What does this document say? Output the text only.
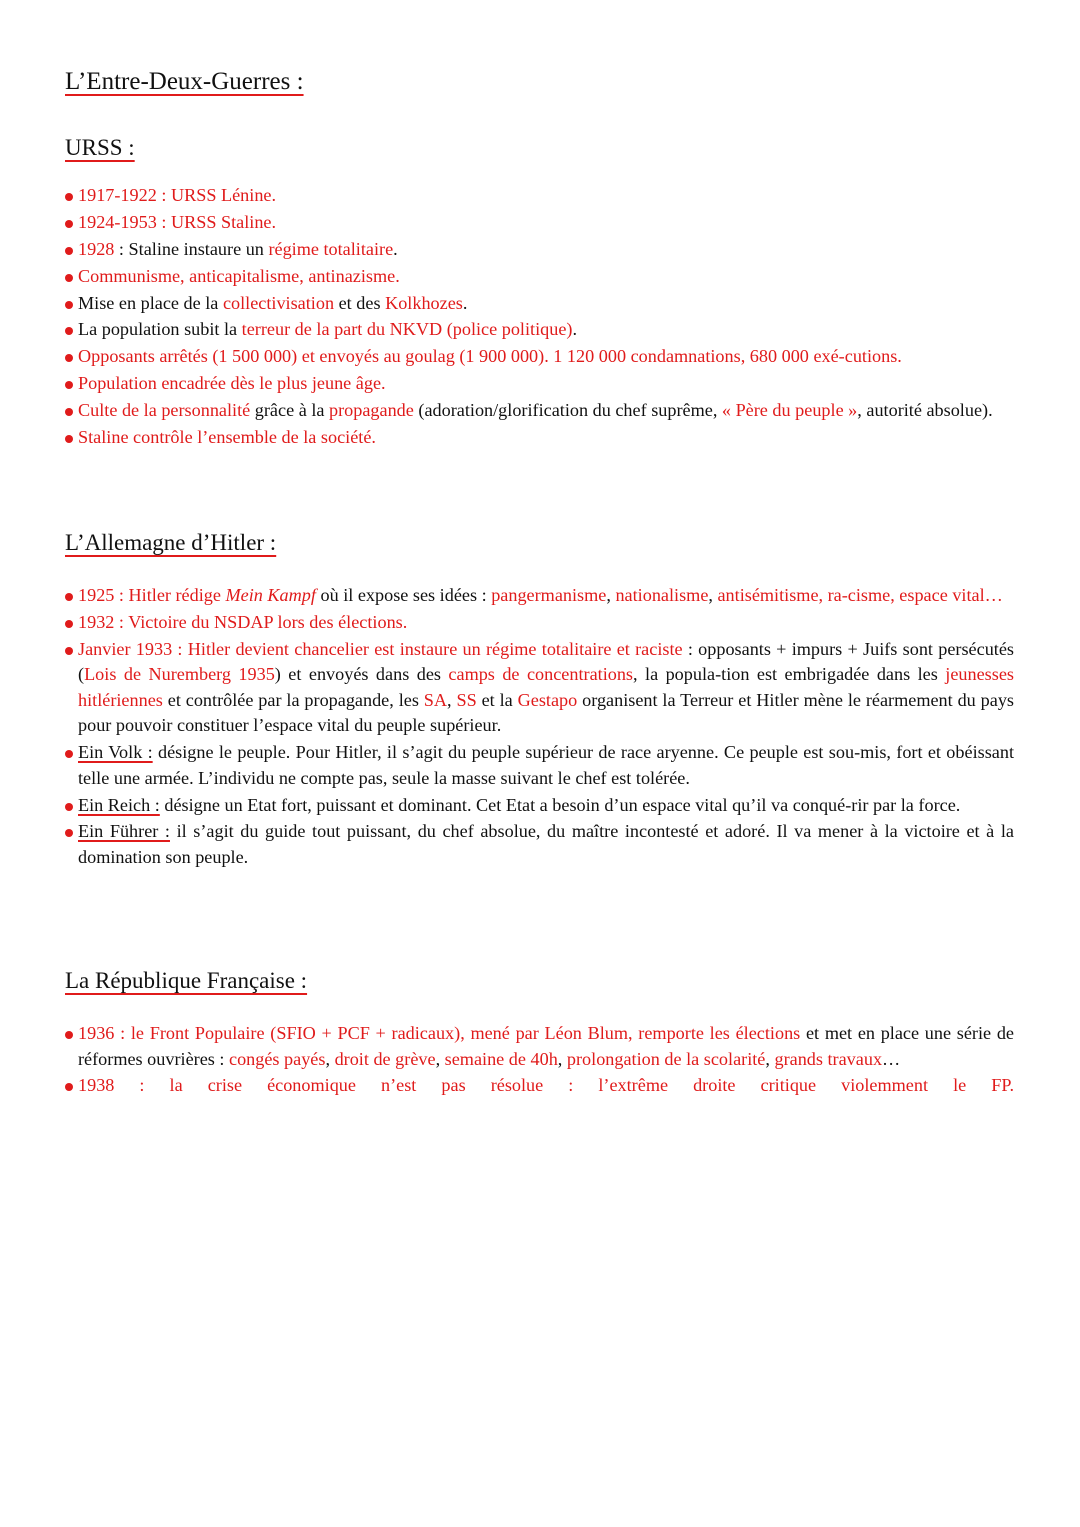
L’Entre-Deux-Guerres :
URSS :
1917-1922 : URSS Lénine.
1924-1953 : URSS Staline.
1928 : Staline instaure un régime totalitaire.
Communisme, anticapitalisme, antinazisme.
Mise en place de la collectivisation et des Kolkhozes.
La population subit la terreur de la part du NKVD (police politique).
Opposants arrêtés (1 500 000) et envoyés au goulag (1 900 000). 1 120 000 condamnations, 680 000 exé-cutions.
Population encadrée dès le plus jeune âge.
Culte de la personnalité grâce à la propagande (adoration/glorification du chef suprême, « Père du peuple », autorité absolue).
Staline contrôle l’ensemble de la société.
L’Allemagne d’Hitler :
1925 : Hitler rédige Mein Kampf où il expose ses idées : pangermanisme, nationalisme, antisémitisme, ra-cisme, espace vital…
1932 : Victoire du NSDAP lors des élections.
Janvier 1933 : Hitler devient chancelier est instaure un régime totalitaire et raciste : opposants + impurs + Juifs sont persécutés (Lois de Nuremberg 1935) et envoyés dans des camps de concentrations, la popula-tion est embrigadée dans les jeunesses hitlériennes et contrôlée par la propagande, les SA, SS et la Gestapo organisent la Terreur et Hitler mène le réarmement du pays pour pouvoir constituer l’espace vital du peuple supérieur.
Ein Volk : désigne le peuple. Pour Hitler, il s’agit du peuple supérieur de race aryenne. Ce peuple est sou-mis, fort et obéissant telle une armée. L’individu ne compte pas, seule la masse suivant le chef est tolérée.
Ein Reich : désigne un Etat fort, puissant et dominant. Cet Etat a besoin d’un espace vital qu’il va conqué-rir par la force.
Ein Führer : il s’agit du guide tout puissant, du chef absolue, du maître incontesté et adoré. Il va mener à la victoire et à la domination son peuple.
La République Française :
1936 : le Front Populaire (SFIO + PCF + radicaux), mené par Léon Blum, remporte les élections et met en place une série de réformes ouvrières : congés payés, droit de grève, semaine de 40h, prolongation de la scolarité, grands travaux…
1938 : la crise économique n’est pas résolue : l’extrême droite critique violemment le FP.
